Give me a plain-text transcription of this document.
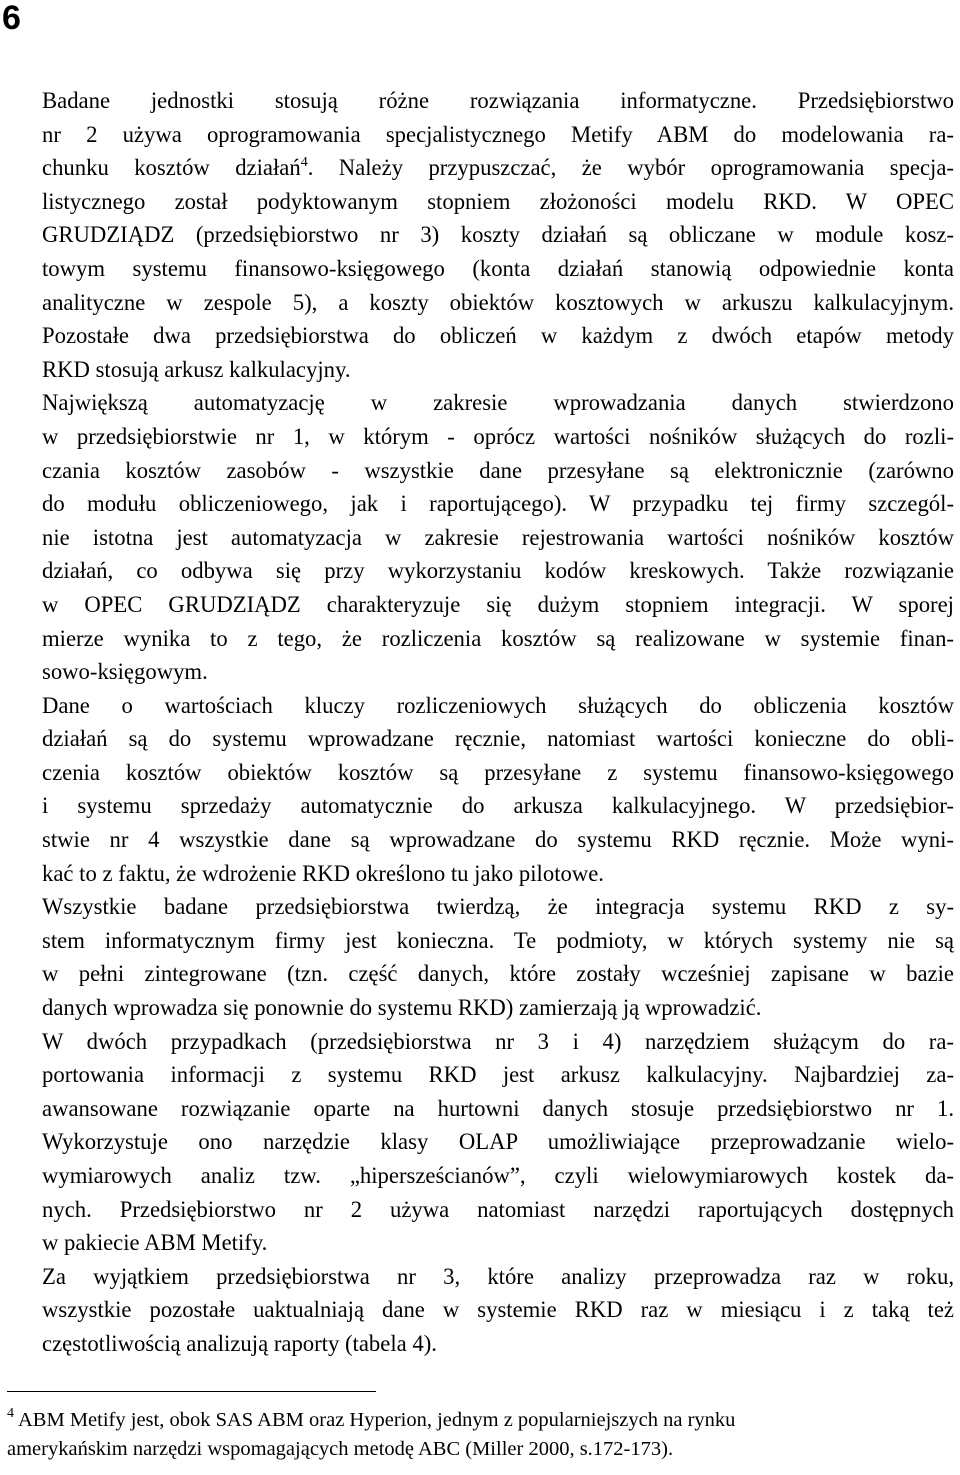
6

Badane jednostki stosują różne rozwiązania informatyczne. Przedsiębiorstwo
nr 2 używa oprogramowania specjalistycznego Metify ABM do modelowania ra-
chunku kosztów działań$^4$. Należy przypuszczać, że wybór oprogramowania specja-
listycznego został podyktowanym stopniem złożoności modelu RKD. W OPEC
GRUDZIĄDZ (przedsiębiorstwo nr 3) koszty działań są obliczane w module kosz-
towym systemu finansowo-księgowego (konta działań stanowią odpowiednie konta
analityczne w zespole 5), a koszty obiektów kosztowych w arkuszu kalkulacyjnym.
Pozostałe dwa przedsiębiorstwa do obliczeń w każdym z dwóch etapów metody
RKD stosują arkusz kalkulacyjny.

Największą automatyzację w zakresie wprowadzania danych stwierdzono
w przedsiębiorstwie nr 1, w którym - oprócz wartości nośników służących do rozli-
czania kosztów zasobów - wszystkie dane przesyłane są elektronicznie (zarówno
do modułu obliczeniowego, jak i raportującego). W przypadku tej firmy szczegól-
nie istotna jest automatyzacja w zakresie rejestrowania wartości nośników kosztów
działań, co odbywa się przy wykorzystaniu kodów kreskowych. Także rozwiązanie
w OPEC GRUDZIĄDZ charakteryzuje się dużym stopniem integracji. W sporej
mierze wynika to z tego, że rozliczenia kosztów są realizowane w systemie finan-
sowo-księgowym.

Dane o wartościach kluczy rozliczeniowych służących do obliczenia kosztów
działań są do systemu wprowadzane ręcznie, natomiast wartości konieczne do obli-
czenia kosztów obiektów kosztów są przesyłane z systemu finansowo-księgowego
i systemu sprzedaży automatycznie do arkusza kalkulacyjnego. W przedsiębior-
stwie nr 4 wszystkie dane są wprowadzane do systemu RKD ręcznie. Może wyni-
kać to z faktu, że wdrożenie RKD określono tu jako pilotowe.

Wszystkie badane przedsiębiorstwa twierdzą, że integracja systemu RKD z sy-
stem informatycznym firmy jest konieczna. Te podmioty, w których systemy nie są
w pełni zintegrowane (tzn. część danych, które zostały wcześniej zapisane w bazie
danych wprowadza się ponownie do systemu RKD) zamierzają ją wprowadzić.

W dwóch przypadkach (przedsiębiorstwa nr 3 i 4) narzędziem służącym do ra-
portowania informacji z systemu RKD jest arkusz kalkulacyjny. Najbardziej za-
awansowane rozwiązanie oparte na hurtowni danych stosuje przedsiębiorstwo nr 1.
Wykorzystuje ono narzędzie klasy OLAP umożliwiające przeprowadzanie wielo-
wymiarowych analiz tzw. „hipersześcianów”, czyli wielowymiarowych kostek da-
nych. Przedsiębiorstwo nr 2 używa natomiast narzędzi raportujących dostępnych
w pakiecie ABM Metify.

Za wyjątkiem przedsiębiorstwa nr 3, które analizy przeprowadza raz w roku,
wszystkie pozostałe uaktualniają dane w systemie RKD raz w miesiącu i z taką też
częstotliwością analizują raporty (tabela 4).

$^4$ ABM Metify jest, obok SAS ABM oraz Hyperion, jednym z popularniejszych na rynku
amerykańskim narzędzi wspomagających metodę ABC (Miller 2000, s.172-173).
